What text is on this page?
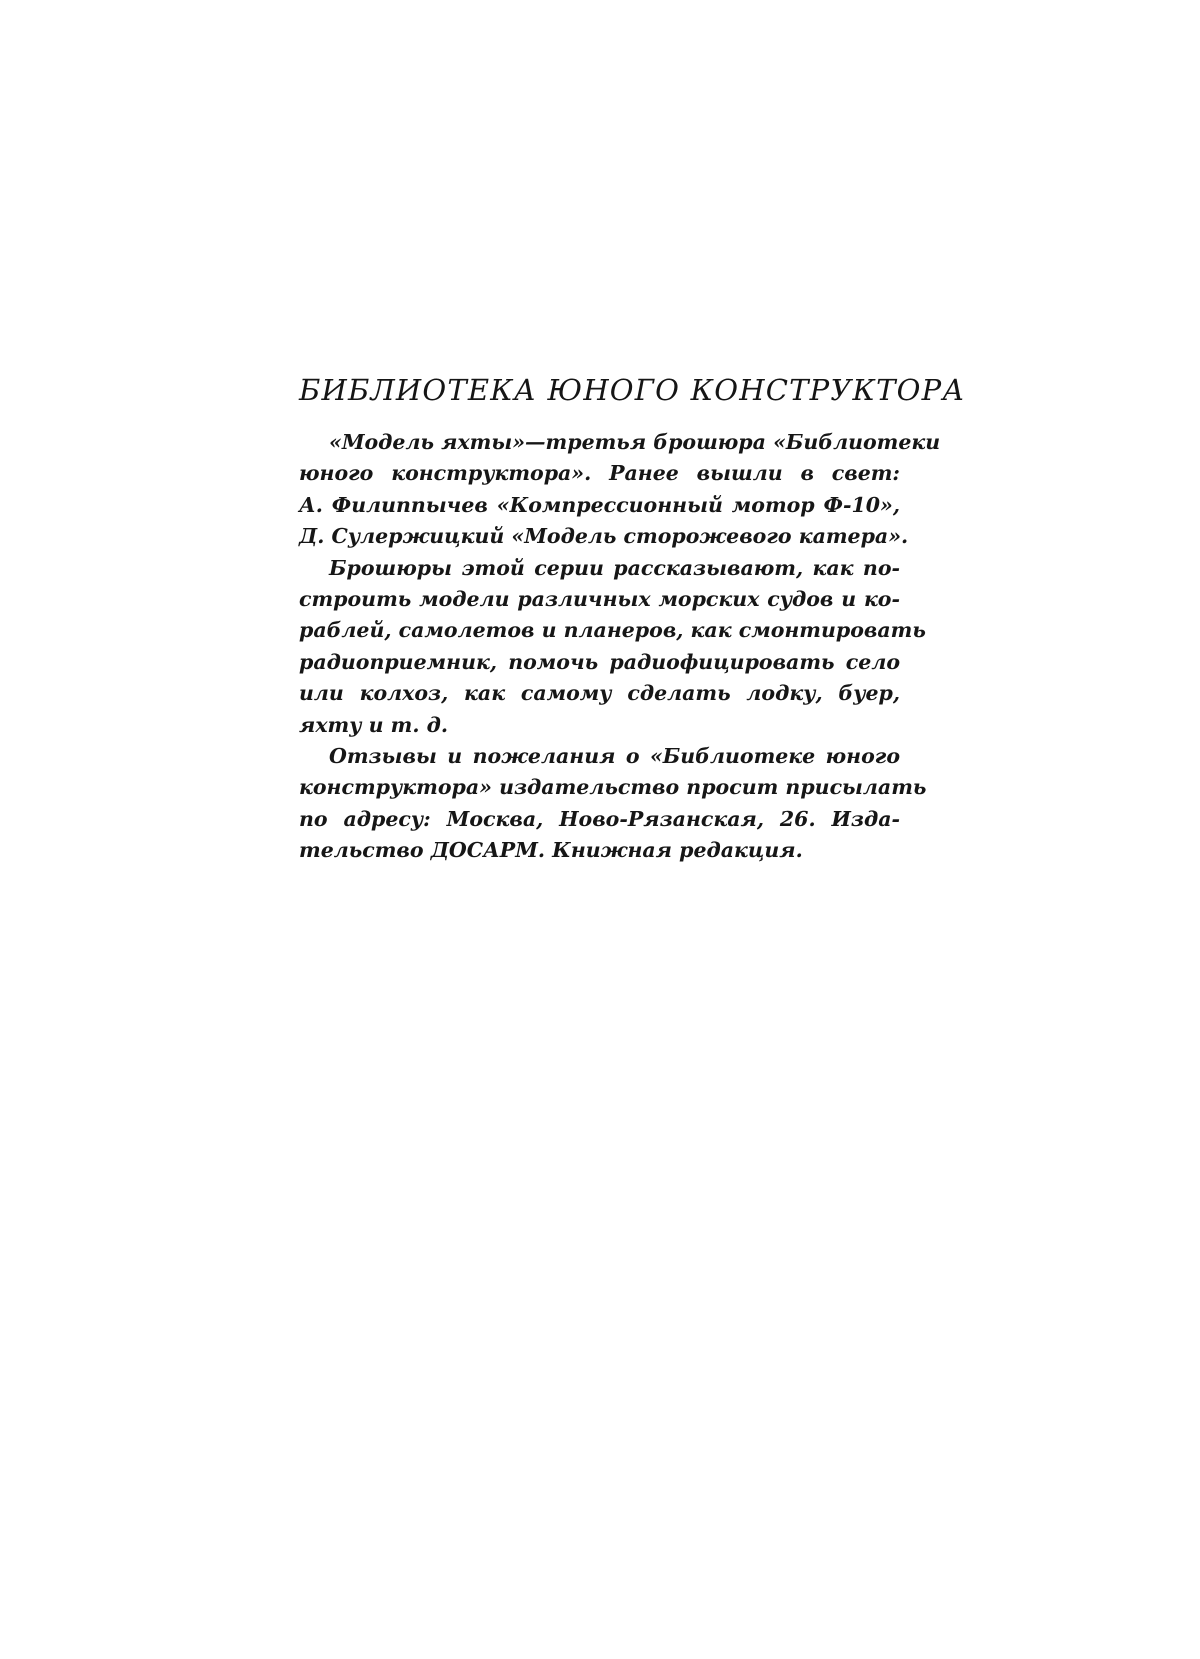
БИБЛИОТЕКА ЮНОГО КОНСТРУКТОРА
«Модель яхты»—третья брошюра «Библиотеки
юного конструктора». Ранее вышли в свет:
А. Филиппычев «Компрессионный мотор Ф-10»,
Д. Сулержицкий «Модель сторожевого катера».
Брошюры этой серии рассказывают, как по-
строить модели различных морских судов и ко-
раблей, самолетов и планеров, как смонтировать
радиоприемник, помочь радиофицировать село
или колхоз, как самому сделать лодку, буер,
яхту и т. д.
Отзывы и пожелания о «Библиотеке юного
конструктора» издательство просит присылать
по адресу: Москва, Ново-Рязанская, 26. Изда-
тельство ДОСАРМ. Книжная редакция.
